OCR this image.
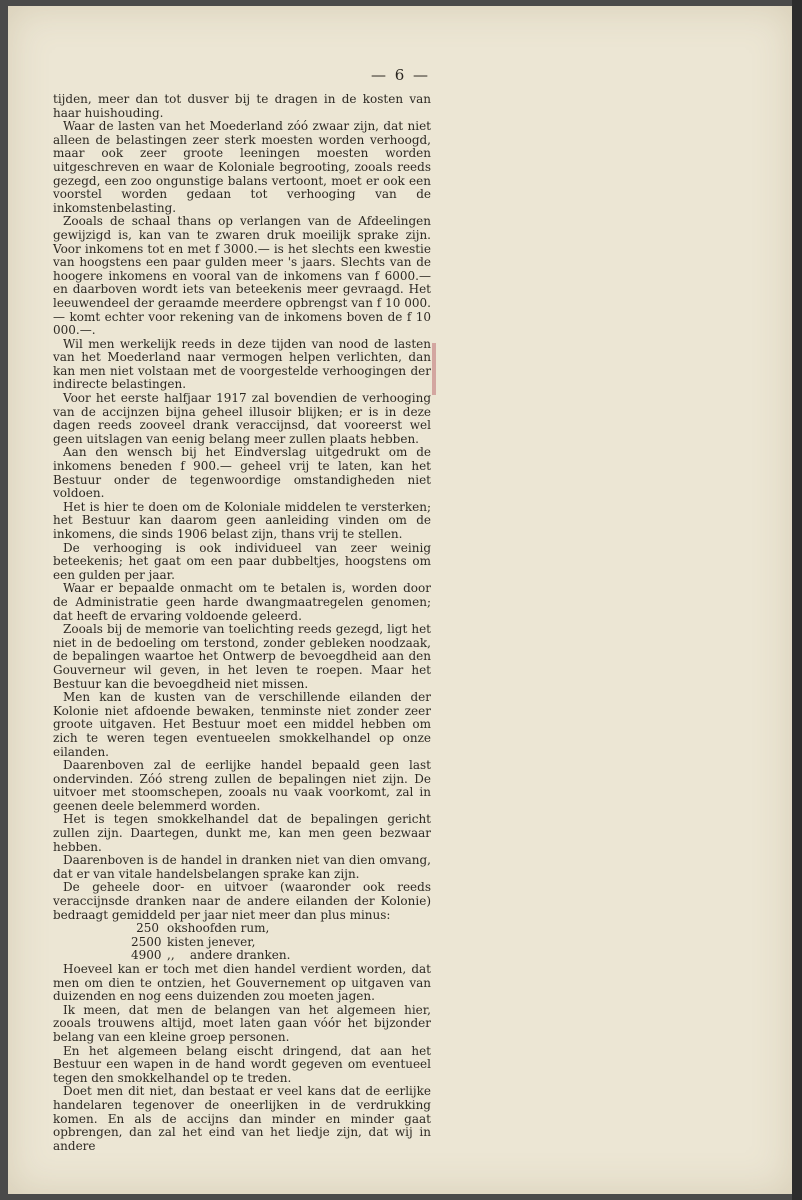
— 6 —

tijden, meer dan tot dusver bij te dragen in de kosten van haar huishouding.

Waar de lasten van het Moederland zóó zwaar zijn, dat niet alleen de belastingen zeer sterk moesten worden verhoogd, maar ook zeer groote leeningen moesten worden uitgeschreven en waar de Koloniale begrooting, zooals reeds gezegd, een zoo ongunstige balans vertoont, moet er ook een voorstel worden gedaan tot verhooging van de inkomstenbelasting.

Zooals de schaal thans op verlangen van de Afdeelingen gewijzigd is, kan van te zwaren druk moeilijk sprake zijn. Voor inkomens tot en met f 3000.— is het slechts een kwestie van hoogstens een paar gulden meer 's jaars. Slechts van de hoogere inkomens en vooral van de inkomens van f 6000.— en daarboven wordt iets van beteekenis meer gevraagd. Het leeuwendeel der geraamde meerdere opbrengst van f 10 000.— komt echter voor rekening van de inkomens boven de f 10 000.—.

Wil men werkelijk reeds in deze tijden van nood de lasten van het Moederland naar vermogen helpen verlichten, dan kan men niet volstaan met de voorgestelde verhoogingen der indirecte belastingen.

Voor het eerste halfjaar 1917 zal bovendien de verhooging van de accijnzen bijna geheel illusoir blijken; er is in deze dagen reeds zooveel drank veraccijnsd, dat vooreerst wel geen uitslagen van eenig belang meer zullen plaats hebben.

Aan den wensch bij het Eindverslag uitgedrukt om de inkomens beneden f 900.— geheel vrij te laten, kan het Bestuur onder de tegenwoordige omstandigheden niet voldoen.

Het is hier te doen om de Koloniale middelen te versterken; het Bestuur kan daarom geen aanleiding vinden om de inkomens, die sinds 1906 belast zijn, thans vrij te stellen.

De verhooging is ook individueel van zeer weinig beteekenis; het gaat om een paar dubbeltjes, hoogstens om een gulden per jaar.

Waar er bepaalde onmacht om te betalen is, worden door de Administratie geen harde dwangmaatregelen genomen; dat heeft de ervaring voldoende geleerd.

Zooals bij de memorie van toelichting reeds gezegd, ligt het niet in de bedoeling om terstond, zonder gebleken noodzaak, de bepalingen waartoe het Ontwerp de bevoegdheid aan den Gouverneur wil geven, in het leven te roepen. Maar het Bestuur kan die bevoegdheid niet missen.

Men kan de kusten van de verschillende eilanden der Kolonie niet afdoende bewaken, tenminste niet zonder zeer groote uitgaven. Het Bestuur moet een middel hebben om zich te weren tegen eventueelen smokkelhandel op onze eilanden.

Daarenboven zal de eerlijke handel bepaald geen last ondervinden. Zóó streng zullen de bepalingen niet zijn. De uitvoer met stoomschepen, zooals nu vaak voorkomt, zal in geenen deele belemmerd worden.

Het is tegen smokkelhandel dat de bepalingen gericht zullen zijn. Daartegen, dunkt me, kan men geen bezwaar hebben.

Daarenboven is de handel in dranken niet van dien omvang, dat er van vitale handelsbelangen sprake kan zijn.

De geheele door- en uitvoer (waaronder ook reeds veraccijnsde dranken naar de andere eilanden der Kolonie) bedraagt gemiddeld per jaar niet meer dan plus minus:

250 okshoofden rum,
2500 kisten jenever,
4900 ,,    andere dranken.

Hoeveel kan er toch met dien handel verdient worden, dat men om dien te ontzien, het Gouvernement op uitgaven van duizenden en nog eens duizenden zou moeten jagen.

Ik meen, dat men de belangen van het algemeen hier, zooals trouwens altijd, moet laten gaan vóór het bijzonder belang van een kleine groep personen.

En het algemeen belang eischt dringend, dat aan het Bestuur een wapen in de hand wordt gegeven om eventueel tegen den smokkelhandel op te treden.

Doet men dit niet, dan bestaat er veel kans dat de eerlijke handelaren tegenover de oneerlijken in de verdrukking komen. En als de accijns dan minder en minder gaat opbrengen, dan zal het eind van het liedje zijn, dat wij in andere
